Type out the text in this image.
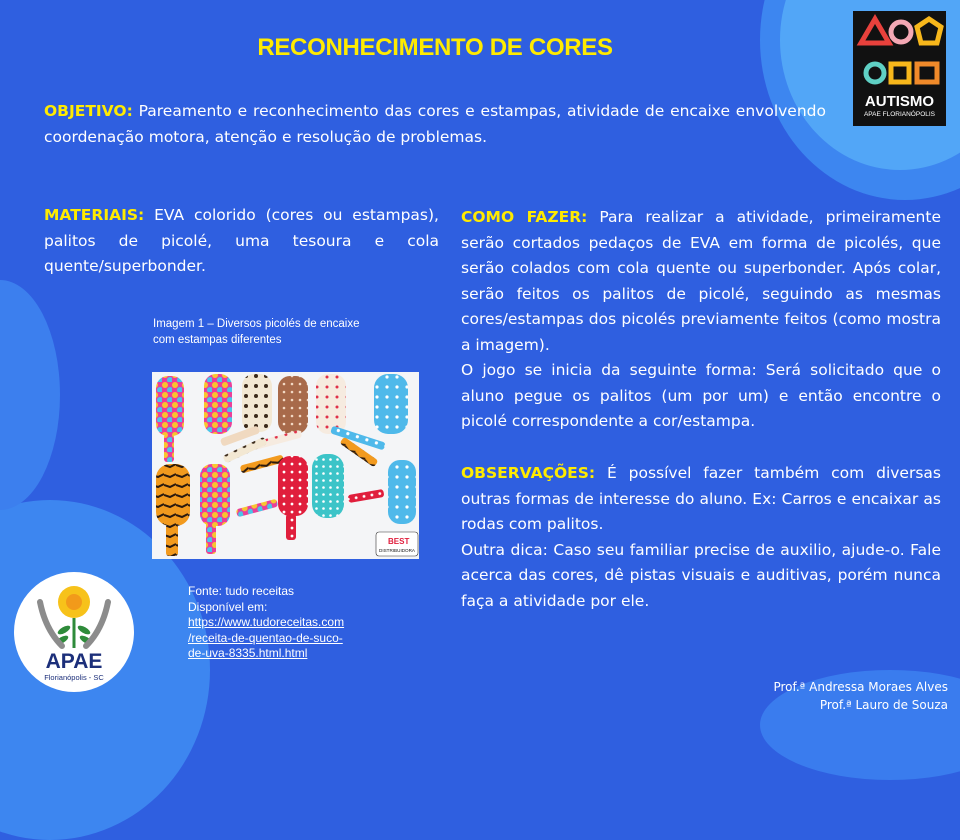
RECONHECIMENTO DE CORES
OBJETIVO: Pareamento e reconhecimento das cores e estampas, atividade de encaixe envolvendo coordenação motora, atenção e resolução de problemas.
MATERIAIS: EVA colorido (cores ou estampas), palitos de picolé, uma tesoura e cola quente/superbonder.

COMO FAZER: Para realizar a atividade, primeiramente serão cortados pedaços de EVA em forma de picolés, que serão colados com cola quente ou superbonder. Após colar, serão feitos os palitos de picolé, seguindo as mesmas cores/estampas dos picolés previamente feitos (como mostra a imagem).

O jogo se inicia da seguinte forma: Será solicitado que o aluno pegue os palitos (um por um) e então encontre o picolé correspondente a cor/estampa.

OBSERVAÇÕES: É possível fazer também com diversas outras formas de interesse do aluno. Ex: Carros e encaixar as rodas com palitos.

Outra dica: Caso seu familiar precise de auxilio, ajude-o. Fale acerca das cores, dê pistas visuais e auditivas, porém nunca faça a atividade por ele.

Imagem 1 – Diversos picolés de encaixe
com estampas diferentes
BEST
DISTRIBUIDORA
Fonte: tudo receitas
Disponível em:
https://www.tudoreceitas.com
/receita-de-quentao-de-suco-
de-uva-8335.html.html
AUTISMO
APAE FLORIANÓPOLIS
APAE
Florianópolis - SC
Prof.ª Andressa Moraes Alves
Prof.ª Lauro de Souza
